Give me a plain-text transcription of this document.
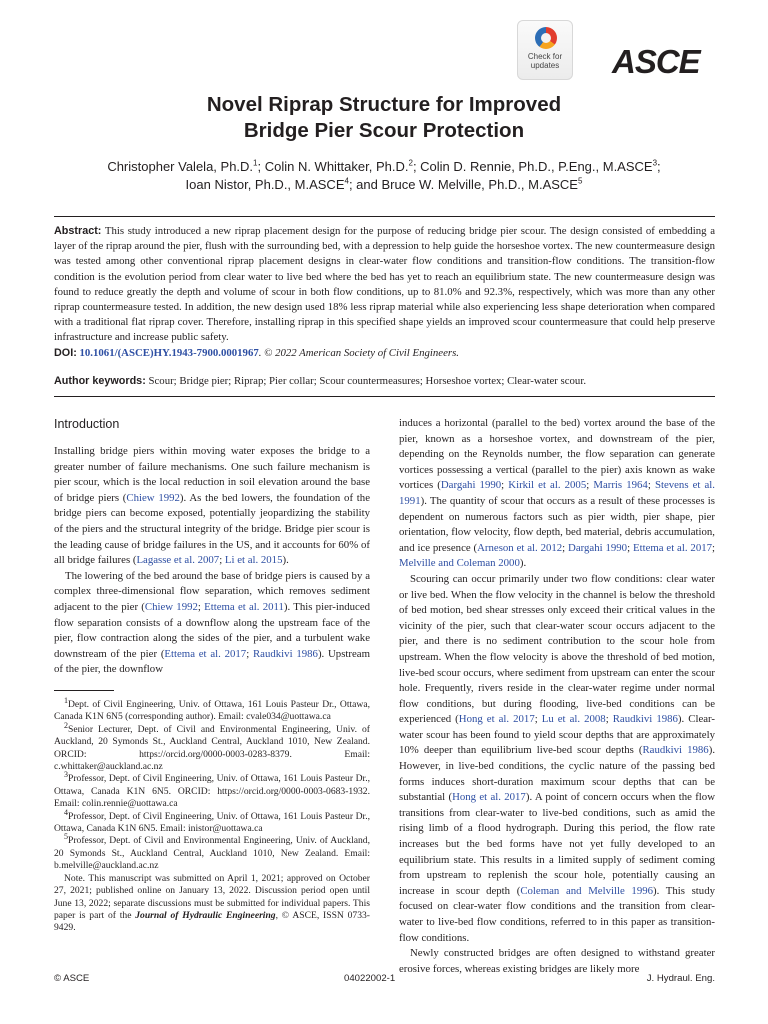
Check for
updates	ASCE
Novel Riprap Structure for Improved
Bridge Pier Scour Protection
Christopher Valela, Ph.D.$^1$; Colin N. Whittaker, Ph.D.$^2$; Colin D. Rennie, Ph.D., P.Eng., M.ASCE$^3$;
Ioan Nistor, Ph.D., M.ASCE$^4$; and Bruce W. Melville, Ph.D., M.ASCE$^5$
Abstract: This study introduced a new riprap placement design for the purpose of reducing bridge pier scour. The design consisted of embedding a layer of the riprap around the pier, flush with the surrounding bed, with a depression to help guide the horseshoe vortex. The new countermeasure design was tested among other conventional riprap placement designs in clear-water flow conditions and transition-flow conditions. The transition-flow condition is the evolution period from clear water to live bed where the bed has yet to reach an equilibrium state. The new countermeasure design was found to reduce greatly the depth and volume of scour in both flow conditions, up to 81.0% and 92.3%, respectively, which was more than any other riprap countermeasure tested. In addition, the new design used 18% less riprap material while also experiencing less shape deterioration when compared with a traditional flat riprap cover. Therefore, installing riprap in this specified shape yields an improved scour countermeasure that could help preserve infrastructure and increase public safety.
DOI: 10.1061/(ASCE)HY.1943-7900.0001967. © 2022 American Society of Civil Engineers.
Author keywords: Scour; Bridge pier; Riprap; Pier collar; Scour countermeasures; Horseshoe vortex; Clear-water scour.
Introduction

Installing bridge piers within moving water exposes the bridge to a greater number of failure mechanisms. One such failure mechanism is pier scour, which is the local reduction in soil elevation around the base of bridge piers (Chiew 1992). As the bed lowers, the foundation of the bridge piers can become exposed, potentially jeopardizing the stability of the piers and the structural integrity of the bridge. Bridge pier scour is the leading cause of bridge failures in the US, and it accounts for 60% of all bridge failures (Lagasse et al. 2007; Li et al. 2015).

The lowering of the bed around the base of bridge piers is caused by a complex three-dimensional flow separation, which removes sediment adjacent to the pier (Chiew 1992; Ettema et al. 2011). This pier-induced flow separation consists of a downflow along the upstream face of the pier, flow contraction along the sides of the pier, and a turbulent wake downstream of the pier (Ettema et al. 2017; Raudkivi 1986). Upstream of the pier, the downflow

$^1$Dept. of Civil Engineering, Univ. of Ottawa, 161 Louis Pasteur Dr., Ottawa, Canada K1N 6N5 (corresponding author). Email: cvale034@uottawa.ca

$^2$Senior Lecturer, Dept. of Civil and Environmental Engineering, Univ. of Auckland, 20 Symonds St., Auckland Central, Auckland 1010, New Zealand. ORCID: https://orcid.org/0000-0003-0283-8379. Email: c.whittaker@auckland.ac.nz

$^3$Professor, Dept. of Civil Engineering, Univ. of Ottawa, 161 Louis Pasteur Dr., Ottawa, Canada K1N 6N5. ORCID: https://orcid.org/0000-0003-0683-1932. Email: colin.rennie@uottawa.ca

$^4$Professor, Dept. of Civil Engineering, Univ. of Ottawa, 161 Louis Pasteur Dr., Ottawa, Canada K1N 6N5. Email: inistor@uottawa.ca

$^5$Professor, Dept. of Civil and Environmental Engineering, Univ. of Auckland, 20 Symonds St., Auckland Central, Auckland 1010, New Zealand. Email: b.melville@auckland.ac.nz

Note. This manuscript was submitted on April 1, 2021; approved on October 27, 2021; published online on January 13, 2022. Discussion period open until June 13, 2022; separate discussions must be submitted for individual papers. This paper is part of the Journal of Hydraulic Engineering, © ASCE, ISSN 0733-9429.

induces a horizontal (parallel to the bed) vortex around the base of the pier, known as a horseshoe vortex, and downstream of the pier, depending on the Reynolds number, the flow separation can generate vortices possessing a vertical (parallel to the pier) axis known as wake vortices (Dargahi 1990; Kirkil et al. 2005; Marris 1964; Stevens et al. 1991). The quantity of scour that occurs as a result of these processes is dependent on numerous factors such as pier width, pier shape, pier orientation, flow velocity, flow depth, bed material, debris accumulation, and ice presence (Arneson et al. 2012; Dargahi 1990; Ettema et al. 2017; Melville and Coleman 2000).

Scouring can occur primarily under two flow conditions: clear water or live bed. When the flow velocity in the channel is below the threshold of bed motion, bed shear stresses only exceed their critical values in the vicinity of the pier, such that clear-water scour occurs adjacent to the pier, and there is no sediment contribution to the scour hole from upstream. When the flow velocity is above the threshold of bed motion, live-bed scour occurs, where sediment from upstream can enter the scour hole. Frequently, rivers reside in the clear-water regime under normal flow conditions, but during flooding, live-bed conditions can be experienced (Hong et al. 2017; Lu et al. 2008; Raudkivi 1986). Clear-water scour has been found to yield scour depths that are approximately 10% deeper than equilibrium live-bed scour depths (Raudkivi 1986). However, in live-bed conditions, the cyclic nature of the passing bed forms induces short-duration maximum scour depths that can be substantial (Hong et al. 2017). A point of concern occurs when the flow transitions from clear-water to live-bed conditions, such as amid the rising limb of a flood hydrograph. During this period, the flow rate increases but the bed forms have not yet fully developed to an equilibrium state. This results in a limited supply of sediment coming from upstream to replenish the scour hole, potentially causing an increase in scour depth (Coleman and Melville 1996). This study focused on clear-water flow conditions and the transition from clear-water to live-bed flow conditions, referred to in this paper as transition-flow conditions.

Newly constructed bridges are often designed to withstand greater erosive forces, whereas existing bridges are likely more

© ASCE	04022002-1	J. Hydraul. Eng.
